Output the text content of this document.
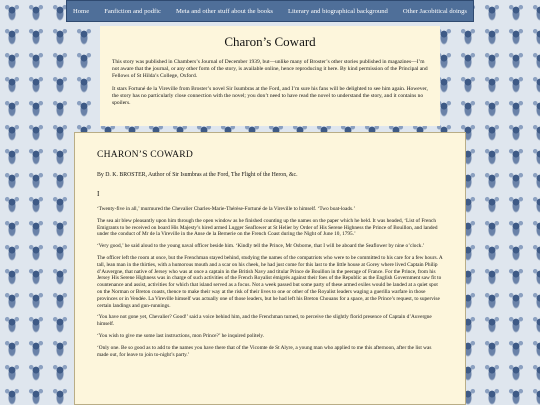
Home Fanfiction and podfic Meta and other stuff about the books Literary and biographical background Other Jacobitical doings
Charon’s Coward

This story was published in Chambers’s Journal of December 1939, but—unlike many of Broster’s other stories published in magazines—I’m not aware that the journal, or any other form of the story, is available online, hence reproducing it here. By kind permission of the Principal and Fellows of St Hilda’s College, Oxford.

It stars Fortuné de la Vireville from Broster’s novel Sir Isumbras at the Ford, and I’m sure his fans will be delighted to see him again. However, the story has no particularly close connection with the novel; you don’t need to have read the novel to understand the story, and it contains no spoilers.

CHARON’S COWARD

By D. K. BROSTER, Author of Sir Isumbras at the Ford, The Flight of the Heron, &c.

I

‘Twenty-five in all,’ murmured the Chevalier Charles-Marie-Thérèse-Fortuné de la Vireville to himself. ‘Two boat-loads.’

The sea air blew pleasantly upon him through the open window as he finished counting up the names on the paper which he held. It was headed, ‘List of French Emigrants to be received on board His Majesty’s hired armed Lugger Seaflower at St Helier by Order of His Serene Highness the Prince of Bouillon, and landed under the conduct of Mr de la Vireville in the Anse de la Bernerie on the French Coast during the Night of June 10, 1795.’

‘Very good,’ he said aloud to the young naval officer beside him. ‘Kindly tell the Prince, Mr Osborne, that I will be aboard the Seaflower by nine o’clock.’

The officer left the room at once, but the Frenchman stayed behind, studying the names of the compatriots who were to be committed to his care for a few hours. A tall, lean man in the thirties, with a humorous mouth and a scar on his cheek, he had just come for this last to the little house at Gorey where lived Captain Philip d’Auvergne, that native of Jersey who was at once a captain in the British Navy and titular Prince de Bouillon in the peerage of France. For the Prince, from his Jersey His Serene Highness was in charge of such activities of the French Royalist émigrés against their foes of the Republic as the English Government saw fit to countenance and assist, activities for which that island served as a focus. Not a week passed but some party of these armed exiles would be landed at a quiet spot on the Norman or Breton coasts, thence to make their way at the risk of their lives to one or other of the Royalist leaders waging a guerilla warfare in those provinces or in Vendée. La Vireville himself was actually one of those leaders, but he had left his Breton Chouans for a space, at the Prince’s request, to supervise certain landings and gun-runnings.

‘You have not gone yet, Chevalier? Good!’ said a voice behind him, and the Frenchman turned, to perceive the slightly florid presence of Captain d’Auvergne himself.

‘You wish to give me some last instructions, mon Prince?’ he inquired politely.

‘Only one. Be so good as to add to the names you have there that of the Vicomte de St Alyre, a young man who applied to me this afternoon, after the list was made out, for leave to join to-night’s party.’
